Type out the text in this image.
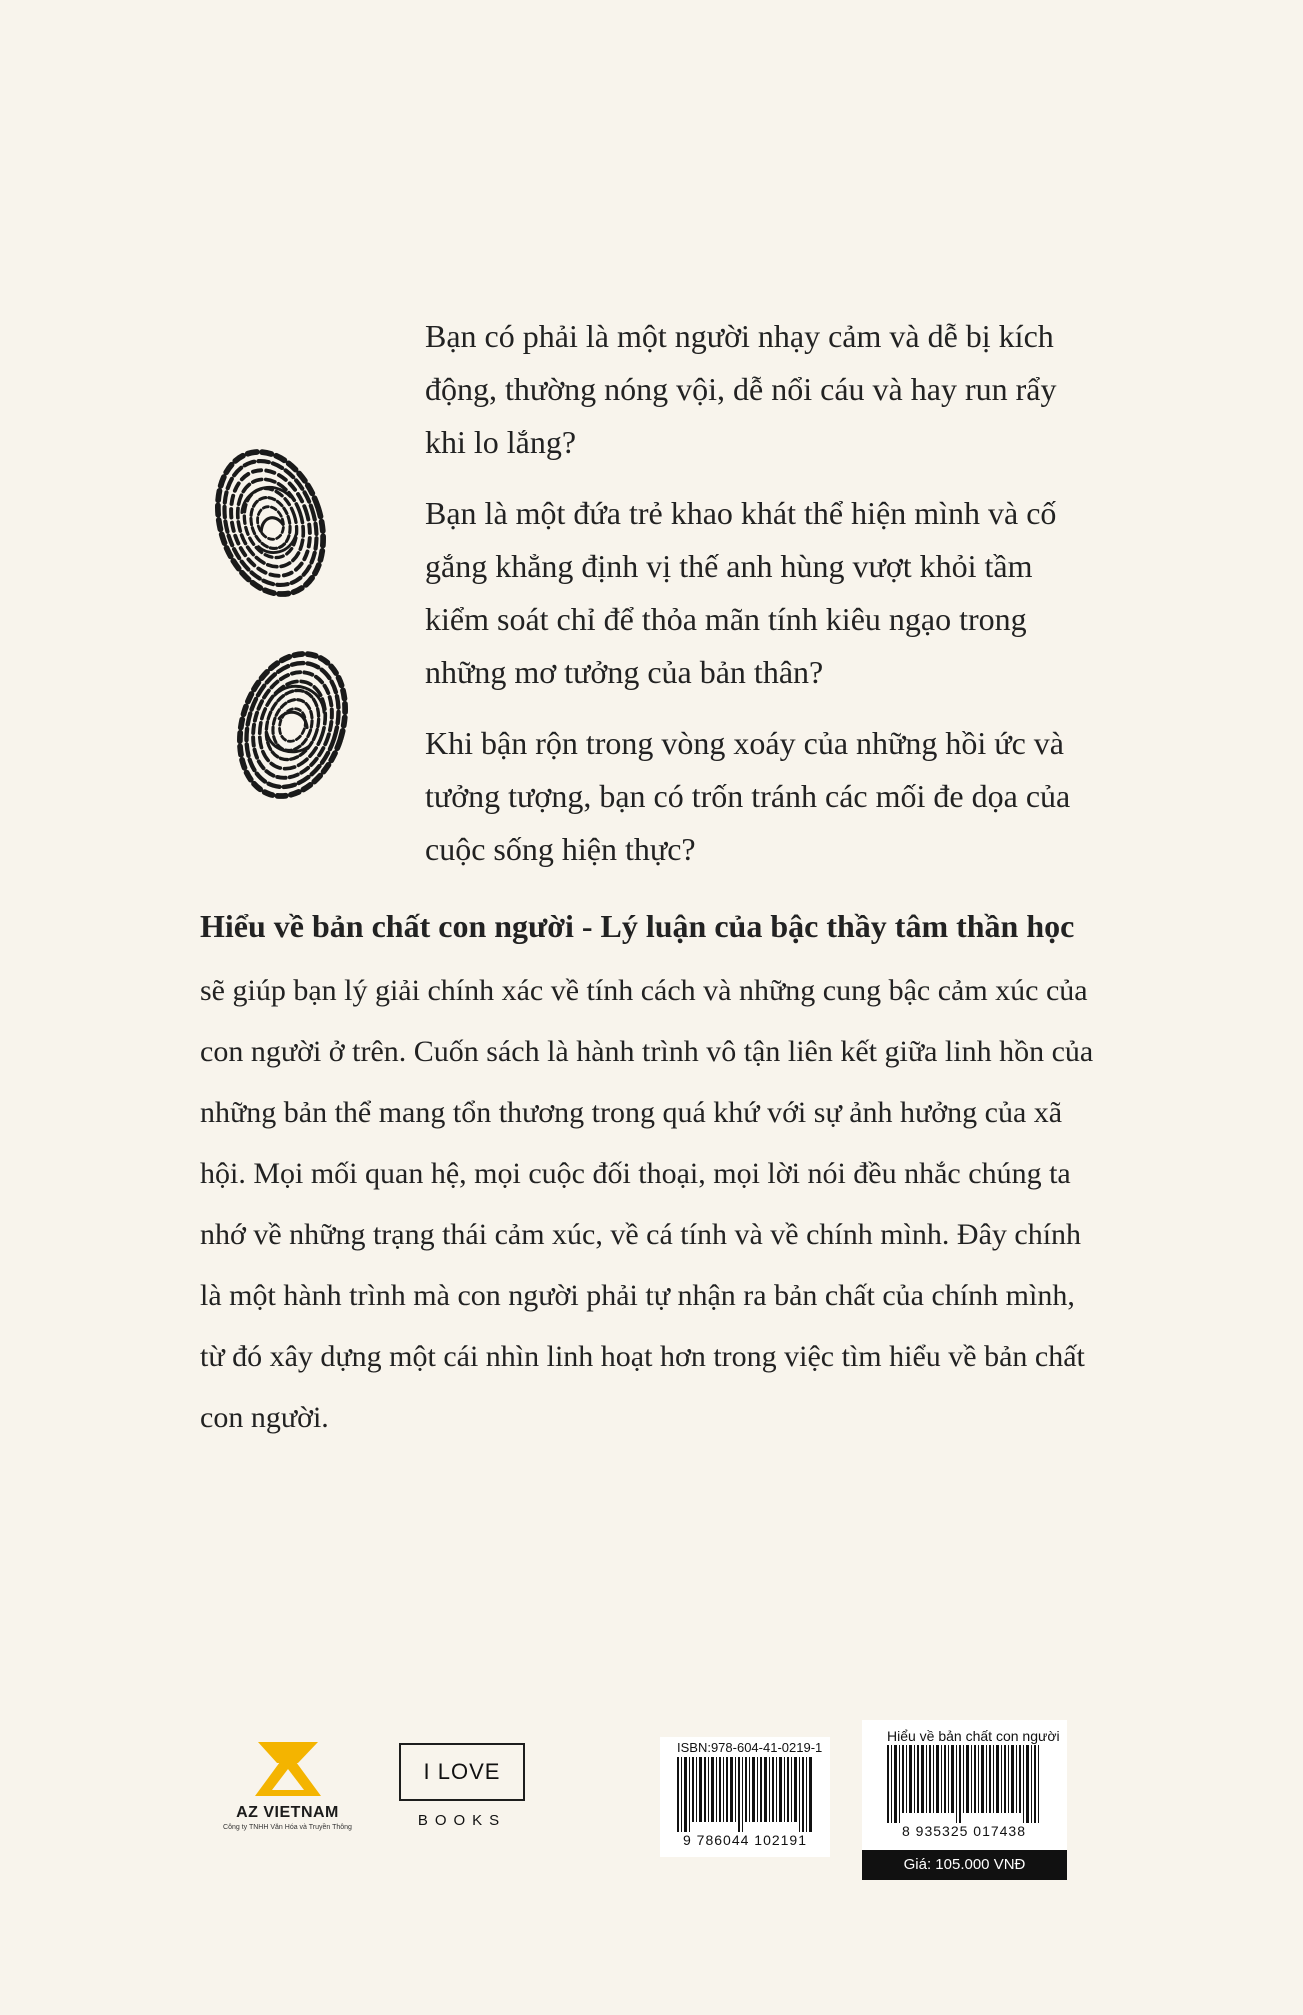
Bạn có phải là một người nhạy cảm và dễ bị kích động, thường nóng vội, dễ nổi cáu và hay run rẩy khi lo lắng?

Bạn là một đứa trẻ khao khát thể hiện mình và cố gắng khẳng định vị thế anh hùng vượt khỏi tầm kiểm soát chỉ để thỏa mãn tính kiêu ngạo trong những mơ tưởng của bản thân?

Khi bận rộn trong vòng xoáy của những hồi ức và tưởng tượng, bạn có trốn tránh các mối đe dọa của cuộc sống hiện thực?

Hiểu về bản chất con người - Lý luận của bậc thầy tâm thần học

sẽ giúp bạn lý giải chính xác về tính cách và những cung bậc cảm xúc của con người ở trên. Cuốn sách là hành trình vô tận liên kết giữa linh hồn của những bản thể mang tổn thương trong quá khứ với sự ảnh hưởng của xã hội. Mọi mối quan hệ, mọi cuộc đối thoại, mọi lời nói đều nhắc chúng ta nhớ về những trạng thái cảm xúc, về cá tính và về chính mình. Đây chính là một hành trình mà con người phải tự nhận ra bản chất của chính mình, từ đó xây dựng một cái nhìn linh hoạt hơn trong việc tìm hiểu về bản chất con người.

AZ VIETNAM
Công ty TNHH Văn Hóa và Truyền Thông
I LOVE
BOOKS
ISBN:978-604-41-0219-1
9 786044 102191
Hiểu về bản chất con người
8 935325 017438
Giá: 105.000 VNĐ
